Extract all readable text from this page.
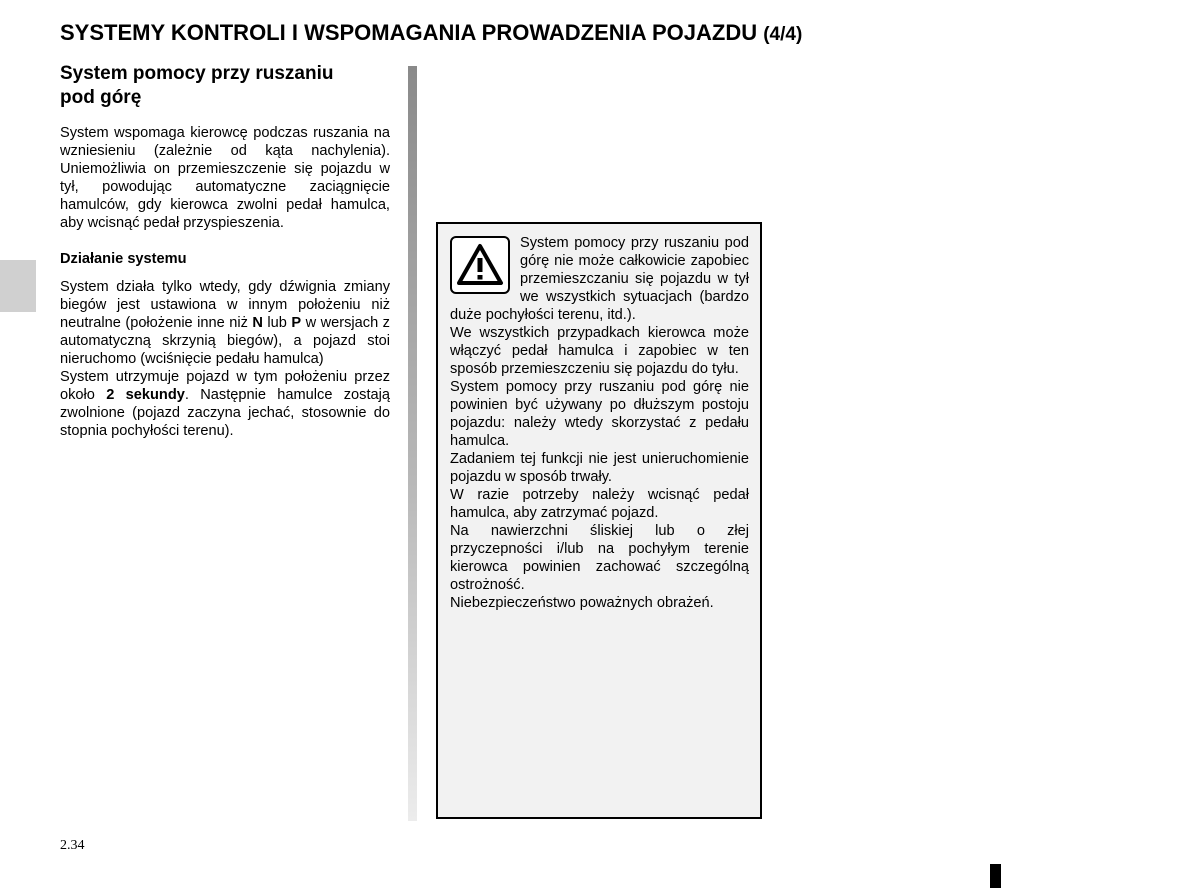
SYSTEMY KONTROLI I WSPOMAGANIA PROWADZENIA POJAZDU (4/4)
System pomocy przy ruszaniu
pod górę

System wspomaga kierowcę podczas ruszania na wzniesieniu (zależnie od kąta nachylenia). Uniemożliwia on przemieszczenie się pojazdu w tył, powodując automatyczne zaciągnięcie hamulców, gdy kierowca zwolni pedał hamulca, aby wcisnąć pedał przyspieszenia.

Działanie systemu

System działa tylko wtedy, gdy dźwignia zmiany biegów jest ustawiona w innym położeniu niż neutralne (położenie inne niż N lub P w wersjach z automatyczną skrzynią biegów), a pojazd stoi nieruchomo (wciśnięcie pedału hamulca)

System utrzymuje pojazd w tym położeniu przez około 2 sekundy. Następnie hamulce zostają zwolnione (pojazd zaczyna jechać, stosownie do stopnia pochyłości terenu).

System pomocy przy ruszaniu pod górę nie może całkowicie zapobiec przemieszczaniu się pojazdu w tył we wszystkich sytuacjach (bardzo duże pochyłości terenu, itd.).

We wszystkich przypadkach kierowca może włączyć pedał hamulca i zapobiec w ten sposób przemieszczeniu się pojazdu do tyłu.

System pomocy przy ruszaniu pod górę nie powinien być używany po dłuższym postoju pojazdu: należy wtedy skorzystać z pedału hamulca.

Zadaniem tej funkcji nie jest unieruchomienie pojazdu w sposób trwały.

W razie potrzeby należy wcisnąć pedał hamulca, aby zatrzymać pojazd.

Na nawierzchni śliskiej lub o złej przyczepności i/lub na pochyłym terenie kierowca powinien zachować szczególną ostrożność.

Niebezpieczeństwo poważnych obrażeń.

2.34
